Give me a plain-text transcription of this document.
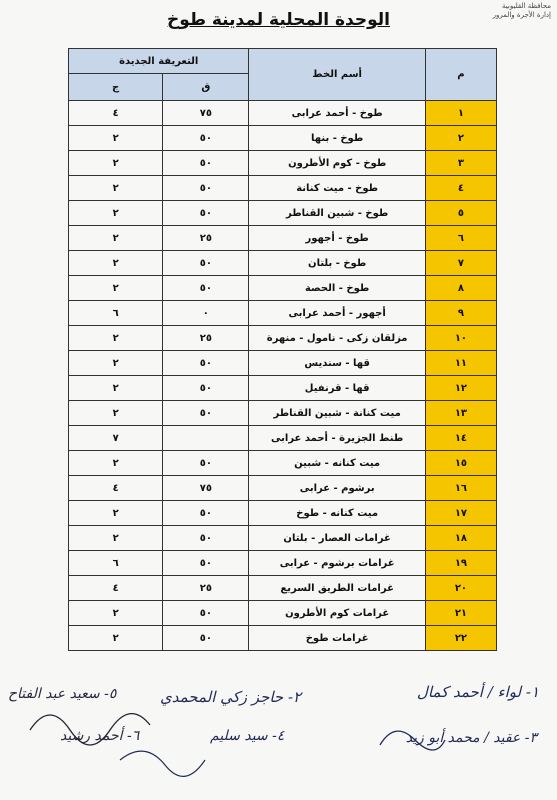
محافظة القليوبية
إدارة الأجرة والمرور
الوحدة المحلية لمدينة طوخ
م	أسم الخط	التعريفة الجديدة	
		ق	ج
١	طوخ - أحمد عرابى	٧٥	٤
٢	طوخ - بنها	٥٠	٢
٣	طوخ - كوم الأطرون	٥٠	٢
٤	طوخ - ميت كنانة	٥٠	٢
٥	طوخ - شبين القناطر	٥٠	٢
٦	طوخ - أجهور	٢٥	٢
٧	طوخ - بلتان	٥٠	٢
٨	طوخ - الحصة	٥٠	٢
٩	أجهور - أحمد عرابى	٠	٦
١٠	مزلقان زكى - نامول - منهرة	٢٥	٢
١١	قها - سنديس	٥٠	٢
١٢	قها - قرنفيل	٥٠	٢
١٣	ميت كنانة - شبين القناطر	٥٠	٢
١٤	طنط الجزيرة - أحمد عرابى		٧
١٥	ميت كنانه - شبين	٥٠	٢
١٦	برشوم - عرابى	٧٥	٤
١٧	ميت كنانه - طوخ	٥٠	٢
١٨	غرامات العصار - بلتان	٥٠	٢
١٩	غرامات برشوم - عرابى	٥٠	٦
٢٠	غرامات الطريق السريع	٢٥	٤
٢١	غرامات كوم الأطرون	٥٠	٢
٢٢	غرامات طوخ	٥٠	٢
١- لواء / أحمد كمال
٢- حاجز زكي المحمدي
٥- سعيد عبد الفتاح
٣- عقيد / محمد أبو زيد
٤- سيد سليم
٦- أحمد رشيد
